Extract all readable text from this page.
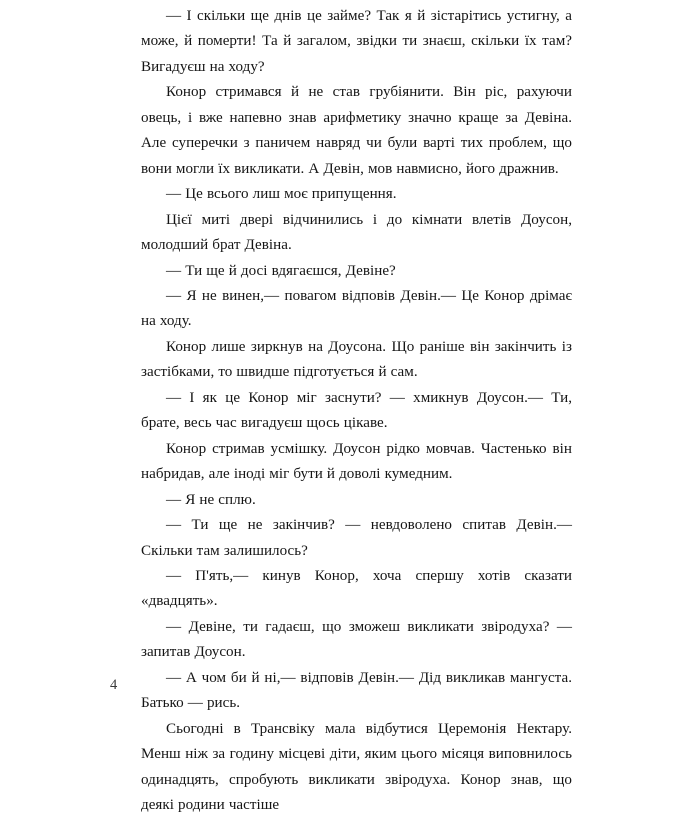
— І скільки ще днів це займе? Так я й зістарітись устигну, а може, й померти! Та й загалом, звідки ти знаєш, скільки їх там? Вигадуєш на ходу?

Конор стримався й не став грубіянити. Він ріс, рахуючи овець, і вже напевно знав арифметику значно краще за Девіна. Але суперечки з паничем навряд чи були варті тих проблем, що вони могли їх викликати. А Девін, мов навмисно, його дражнив.

— Це всього лиш моє припущення.

Цієї миті двері відчинились і до кімнати влетів Доусон, молодший брат Девіна.

— Ти ще й досі вдягаєшся, Девіне?

— Я не винен,— повагом відповів Девін.— Це Конор дрімає на ходу.

Конор лише зиркнув на Доусона. Що раніше він закінчить із застібками, то швидше підготується й сам.

— І як це Конор міг заснути? — хмикнув Доусон.— Ти, брате, весь час вигадуєш щось цікаве.

Конор стримав усмішку. Доусон рідко мовчав. Частенько він набридав, але іноді міг бути й доволі кумедним.

— Я не сплю.

— Ти ще не закінчив? — невдоволено спитав Девін.— Скільки там залишилось?

— П'ять,— кинув Конор, хоча спершу хотів сказати «двадцять».

— Девіне, ти гадаєш, що зможеш викликати звіродуха? — запитав Доусон.

— А чом би й ні,— відповів Девін.— Дід викликав мангуста. Батько — рись.

Сьогодні в Трансвіку мала відбутися Церемонія Нектару. Менш ніж за годину місцеві діти, яким цього місяця виповнилось одинадцять, спробують викликати звіродуха. Конор знав, що деякі родини частіше

4
